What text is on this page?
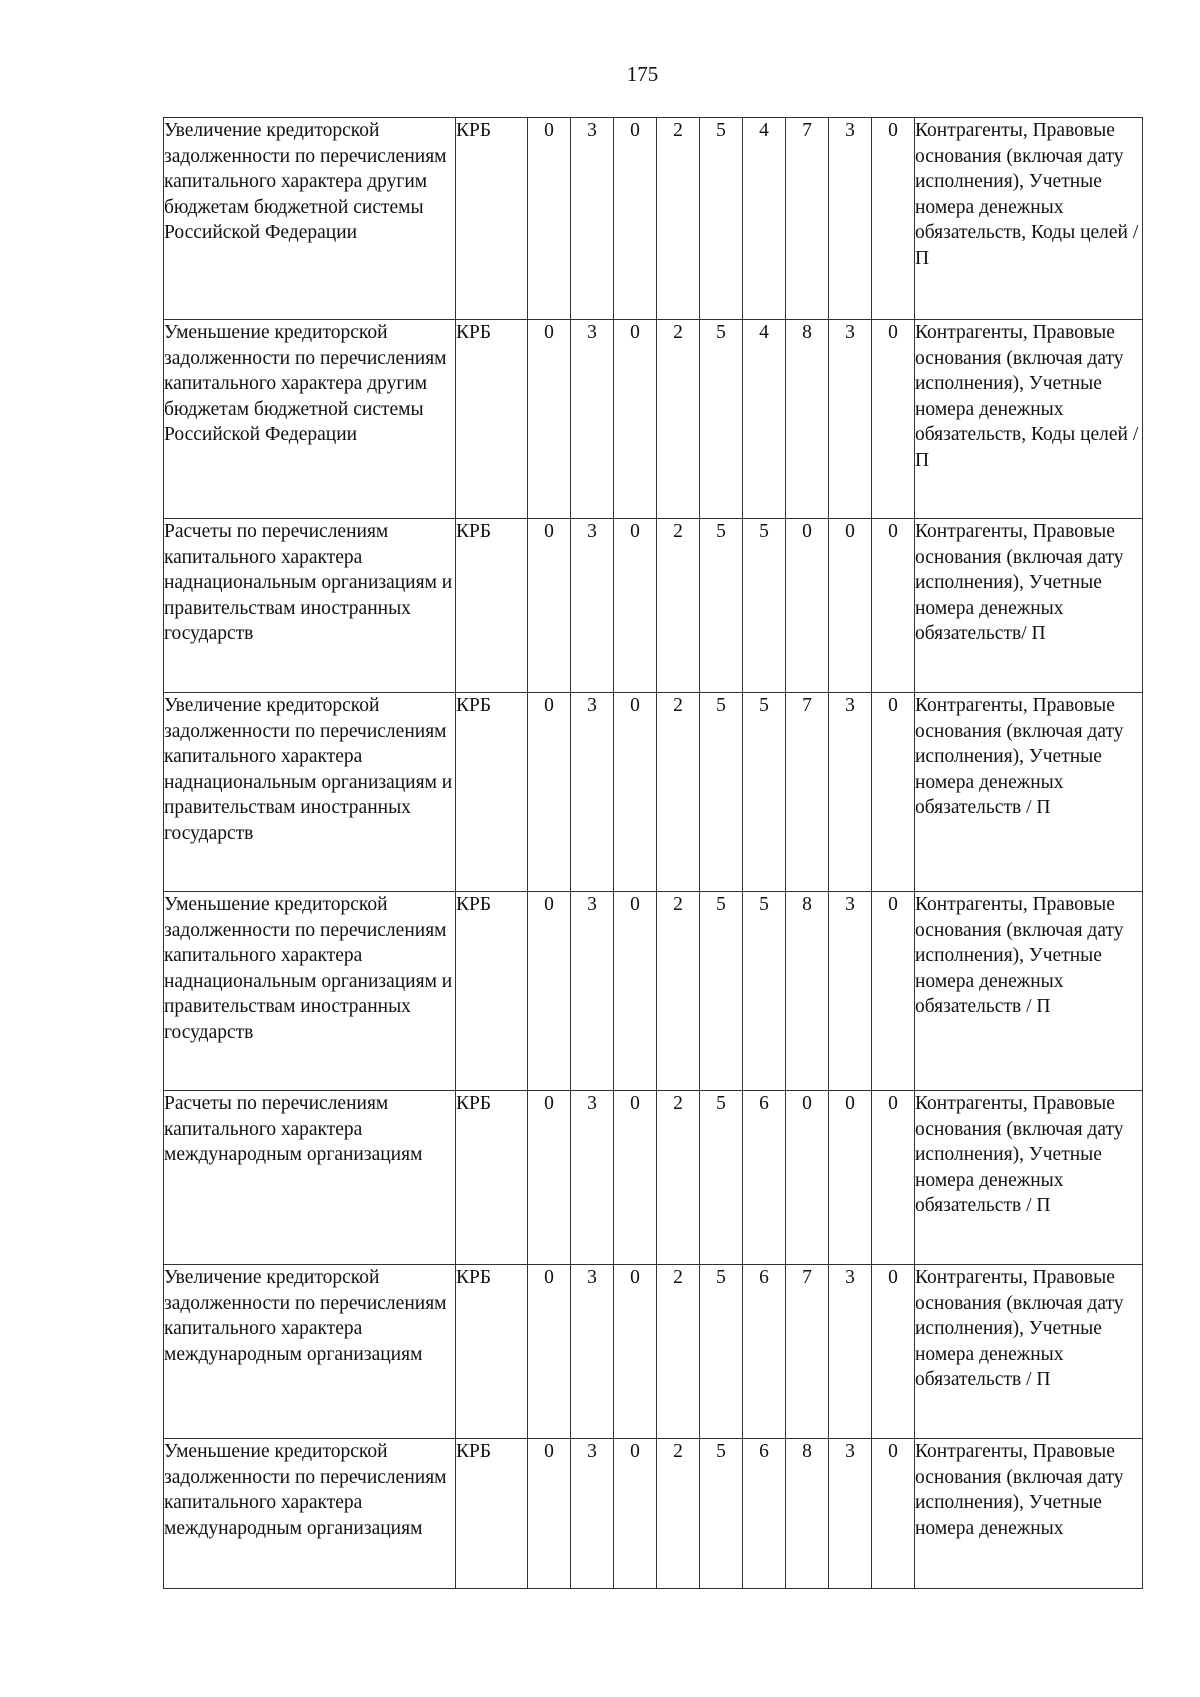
175
Увеличение кредиторской задолженности по перечислениям капитального характера другим бюджетам бюджетной системы Российской Федерации	КРБ	0	3	0	2	5	4	7	3	0	Контрагенты, Правовые основания (включая дату исполнения), Учетные номера денежных обязательств, Коды целей / П
Уменьшение кредиторской задолженности по перечислениям капитального характера другим бюджетам бюджетной системы Российской Федерации	КРБ	0	3	0	2	5	4	8	3	0	Контрагенты, Правовые основания (включая дату исполнения), Учетные номера денежных обязательств, Коды целей / П
Расчеты по перечислениям капитального характера наднациональным организациям и правительствам иностранных государств	КРБ	0	3	0	2	5	5	0	0	0	Контрагенты, Правовые основания (включая дату исполнения), Учетные номера денежных обязательств/ П
Увеличение кредиторской задолженности по перечислениям капитального характера наднациональным организациям и правительствам иностранных государств	КРБ	0	3	0	2	5	5	7	3	0	Контрагенты, Правовые основания (включая дату исполнения), Учетные номера денежных обязательств / П
Уменьшение кредиторской задолженности по перечислениям капитального характера наднациональным организациям и правительствам иностранных государств	КРБ	0	3	0	2	5	5	8	3	0	Контрагенты, Правовые основания (включая дату исполнения), Учетные номера денежных обязательств / П
Расчеты по перечислениям капитального характера международным организациям	КРБ	0	3	0	2	5	6	0	0	0	Контрагенты, Правовые основания (включая дату исполнения), Учетные номера денежных обязательств / П
Увеличение кредиторской задолженности по перечислениям капитального характера международным организациям	КРБ	0	3	0	2	5	6	7	3	0	Контрагенты, Правовые основания (включая дату исполнения), Учетные номера денежных обязательств / П
Уменьшение кредиторской задолженности по перечислениям капитального характера международным организациям	КРБ	0	3	0	2	5	6	8	3	0	Контрагенты, Правовые основания (включая дату исполнения), Учетные номера денежных
